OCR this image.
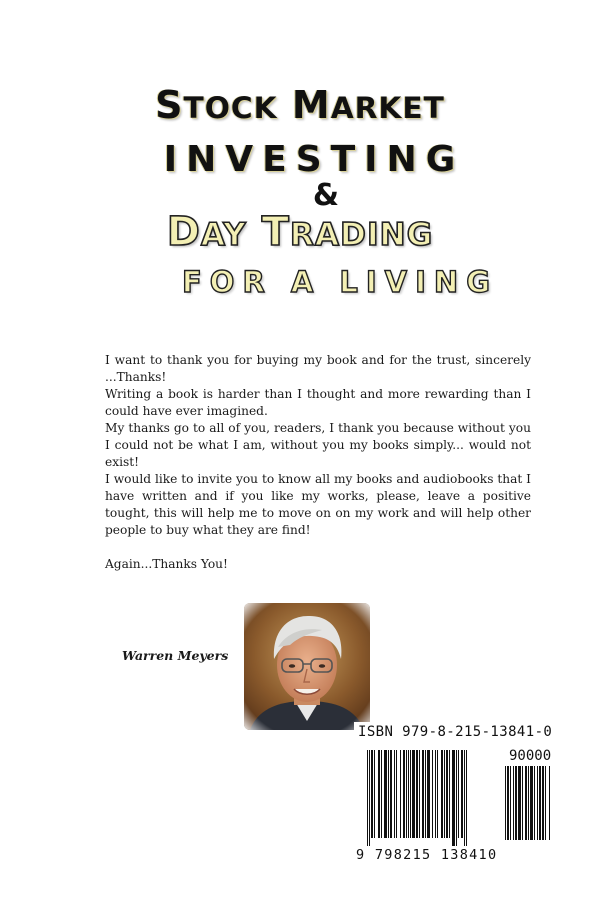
STOCK MARKET
INVESTING
&
DAY TRADING
FOR A LIVING

I want to thank you for buying my book and for the trust, sincerely ...Thanks!

Writing a book is harder than I thought and more rewarding than I could have ever imagined.

My thanks go to all of you, readers, I thank you because without you I could not be what I am, without you my books simply... would not exist!

I would like to invite you to know all my books and audiobooks that I have written and if you like my works, please, leave a positive tought, this will help me to move on on my work and will help other people to buy what they are find!

Again...Thanks You!

Warren Meyers
ISBN 979-8-215-13841-0
90000
9 798215 138410
